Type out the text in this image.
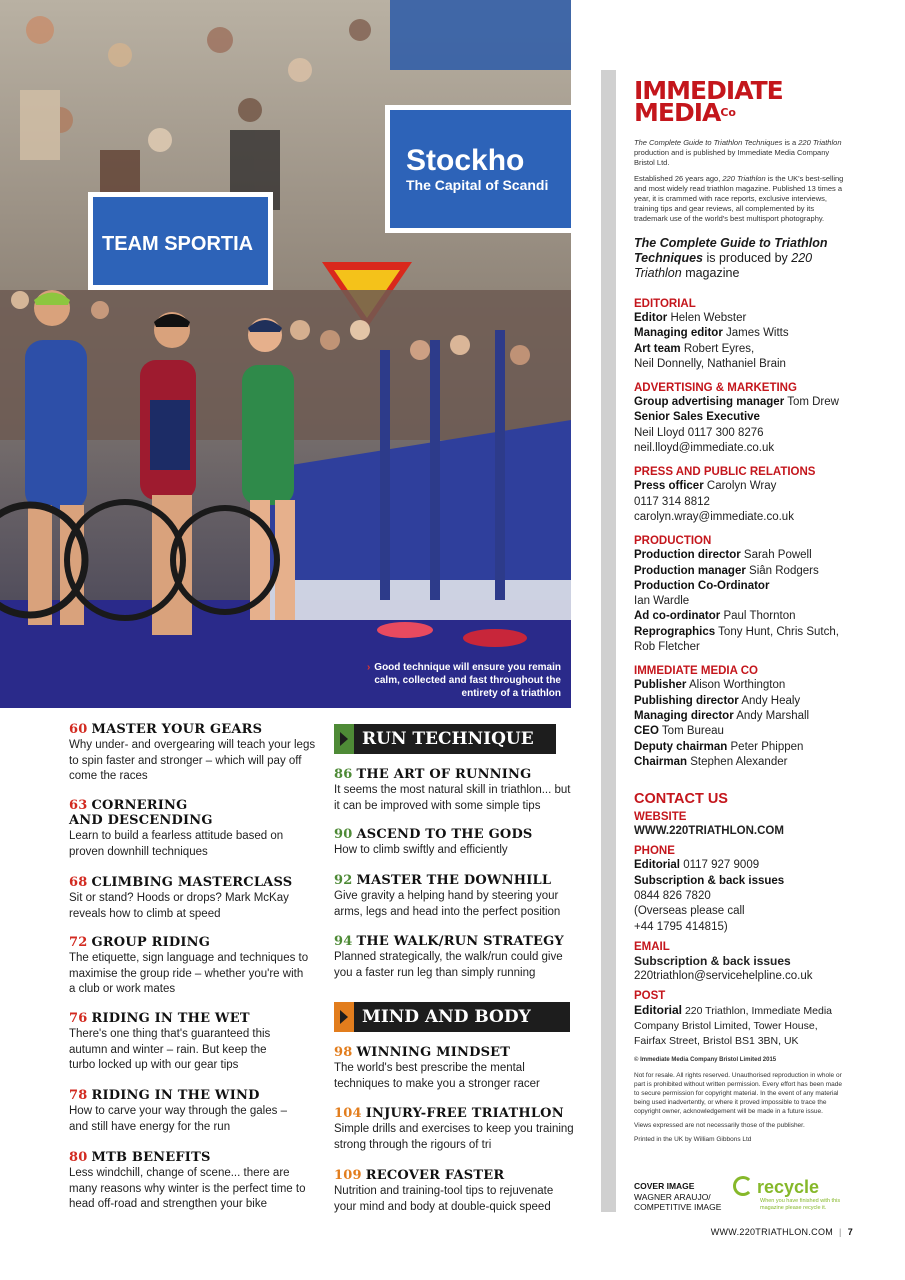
Stockho
The Capital of Scandi
TEAM SPORTIA
› Good technique will ensure you remain calm, collected and fast throughout the entirety of a triathlon
60 MASTER YOUR GEARS
Why under- and overgearing will teach your legs to spin faster and stronger – which will pay off come the races
63 CORNERING AND DESCENDING
Learn to build a fearless attitude based on proven downhill techniques
68 CLIMBING MASTERCLASS
Sit or stand? Hoods or drops? Mark McKay reveals how to climb at speed
72 GROUP RIDING
The etiquette, sign language and techniques to maximise the group ride – whether you're with a club or work mates
76 RIDING IN THE WET
There's one thing that's guaranteed this autumn and winter – rain. But keep the turbo locked up with our gear tips
78 RIDING IN THE WIND
How to carve your way through the gales – and still have energy for the run
80 MTB BENEFITS
Less windchill, change of scene... there are many reasons why winter is the perfect time to head off-road and strengthen your bike
RUN TECHNIQUE
86 THE ART OF RUNNING
It seems the most natural skill in triathlon... but it can be improved with some simple tips
90 ASCEND TO THE GODS
How to climb swiftly and efficiently
92 MASTER THE DOWNHILL
Give gravity a helping hand by steering your arms, legs and head into the perfect position
94 THE WALK/RUN STRATEGY
Planned strategically, the walk/run could give you a faster run leg than simply running
MIND AND BODY
98 WINNING MINDSET
The world's best prescribe the mental techniques to make you a stronger racer
104 INJURY-FREE TRIATHLON
Simple drills and exercises to keep you training strong through the rigours of tri
109 RECOVER FASTER
Nutrition and training-tool tips to rejuvenate your mind and body at double-quick speed
IMMEDIATE
$MEDIA^{Co}$
The Complete Guide to Triathlon Techniques is a 220 Triathlon production and is published by Immediate Media Company Bristol Ltd.
Established 26 years ago, 220 Triathlon is the UK's best-selling and most widely read triathlon magazine. Published 13 times a year, it is crammed with race reports, exclusive interviews, training tips and gear reviews, all complemented by its trademark use of the world's best multisport photography.
The Complete Guide to Triathlon Techniques is produced by 220 Triathlon magazine
EDITORIAL
Editor Helen Webster
Managing editor James Witts
Art team Robert Eyres,
Neil Donnelly, Nathaniel Brain
ADVERTISING & MARKETING
Group advertising manager Tom Drew
Senior Sales Executive
Neil Lloyd 0117 300 8276
neil.lloyd@immediate.co.uk
PRESS AND PUBLIC RELATIONS
Press officer Carolyn Wray
0117 314 8812
carolyn.wray@immediate.co.uk
PRODUCTION
Production director Sarah Powell
Production manager Siân Rodgers
Production Co-Ordinator
Ian Wardle
Ad co-ordinator Paul Thornton
Reprographics Tony Hunt, Chris Sutch,
Rob Fletcher
IMMEDIATE MEDIA CO
Publisher Alison Worthington
Publishing director Andy Healy
Managing director Andy Marshall
CEO Tom Bureau
Deputy chairman Peter Phippen
Chairman Stephen Alexander
CONTACT US
WEBSITE
WWW.220TRIATHLON.COM
PHONE
Editorial 0117 927 9009
Subscription & back issues
0844 826 7820
(Overseas please call
+44 1795 414815)
EMAIL
Subscription & back issues
220triathlon@servicehelpline.co.uk
POST
Editorial 220 Triathlon, Immediate Media Company Bristol Limited, Tower House, Fairfax Street, Bristol BS1 3BN, UK
© Immediate Media Company Bristol Limited 2015
Not for resale. All rights reserved. Unauthorised reproduction in whole or part is prohibited without written permission. Every effort has been made to secure permission for copyright material. In the event of any material being used inadvertently, or where it proved impossible to trace the copyright owner, acknowledgement will be made in a future issue.
Views expressed are not necessarily those of the publisher.
Printed in the UK by William Gibbons Ltd
COVER IMAGE
WAGNER ARAUJO/
COMPETITIVE IMAGE
recycle
When you have finished with this magazine please recycle it.
WWW.220TRIATHLON.COM | 7
